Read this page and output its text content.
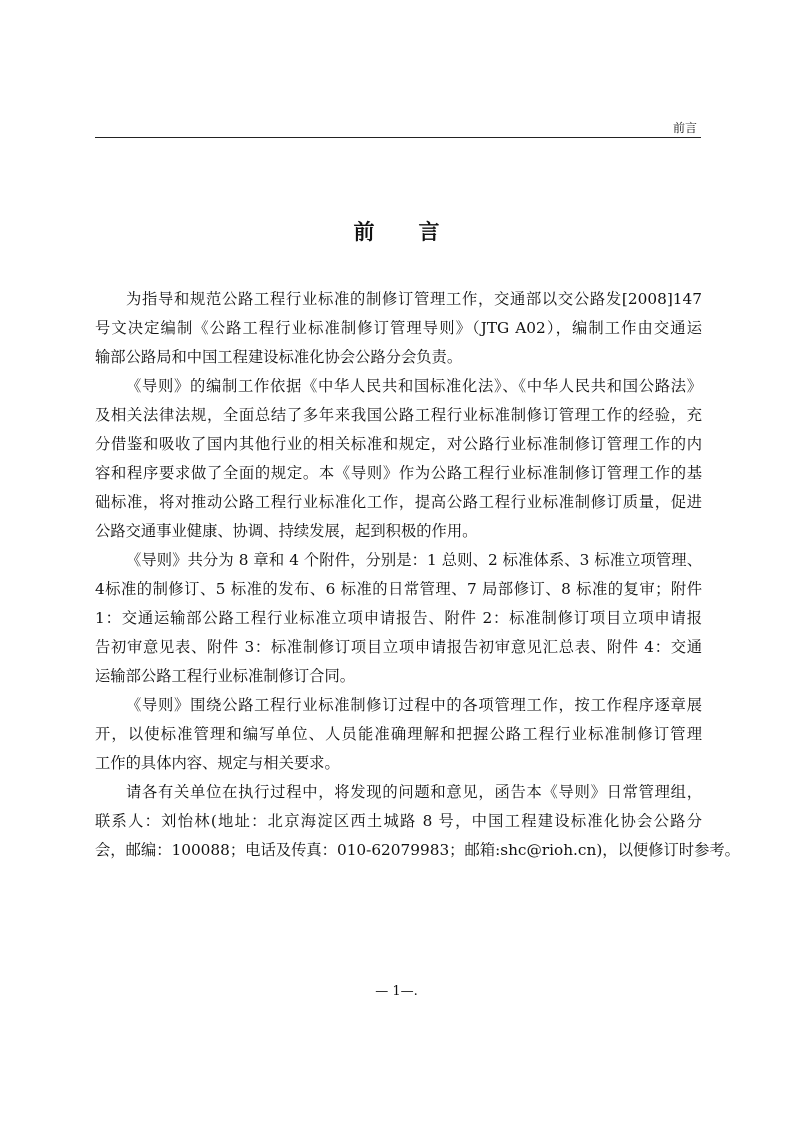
前言
前言
为指导和规范公路工程行业标准的制修订管理工作，交通部以交公路发[2008]147
号文决定编制《公路工程行业标准制修订管理导则》（JTG A02），编制工作由交通运
输部公路局和中国工程建设标准化协会公路分会负责。
《导则》的编制工作依据《中华人民共和国标准化法》、《中华人民共和国公路法》
及相关法律法规，全面总结了多年来我国公路工程行业标准制修订管理工作的经验，充
分借鉴和吸收了国内其他行业的相关标准和规定，对公路行业标准制修订管理工作的内
容和程序要求做了全面的规定。本《导则》作为公路工程行业标准制修订管理工作的基
础标准，将对推动公路工程行业标准化工作，提高公路工程行业标准制修订质量，促进
公路交通事业健康、协调、持续发展，起到积极的作用。
《导则》共分为 8 章和 4 个附件，分别是：1 总则、2 标准体系、3 标准立项管理、
4标准的制修订、5 标准的发布、6 标准的日常管理、7 局部修订、8 标准的复审；附件
1：交通运输部公路工程行业标准立项申请报告、附件 2：标准制修订项目立项申请报
告初审意见表、附件 3：标准制修订项目立项申请报告初审意见汇总表、附件 4：交通
运输部公路工程行业标准制修订合同。
《导则》围绕公路工程行业标准制修订过程中的各项管理工作，按工作程序逐章展
开，以使标准管理和编写单位、人员能准确理解和把握公路工程行业标准制修订管理
工作的具体内容、规定与相关要求。
请各有关单位在执行过程中，将发现的问题和意见，函告本《导则》日常管理组，
联系人：刘怡林(地址：北京海淀区西土城路 8 号，中国工程建设标准化协会公路分
会，邮编：100088；电话及传真：010-62079983；邮箱:shc@rioh.cn)，以便修订时参考。
— 1—.
